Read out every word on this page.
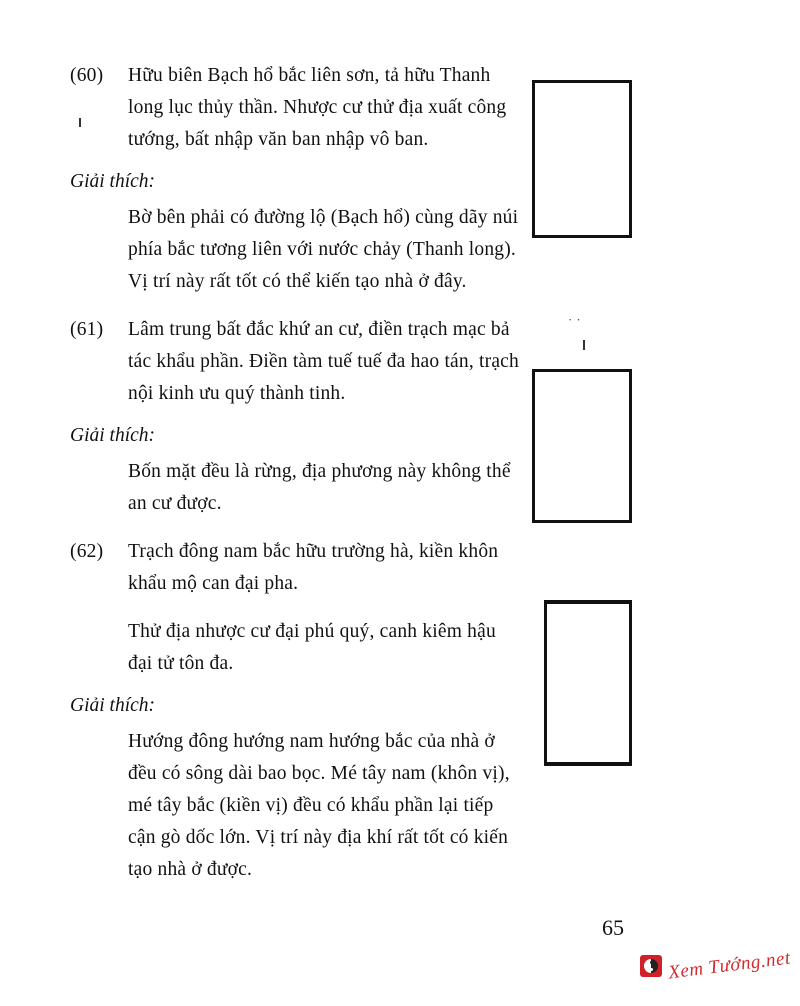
(60)	Hữu biên Bạch hổ bắc liên sơn, tả hữu Thanh long lục thủy thần. Nhược cư thử địa xuất công tướng, bất nhập văn ban nhập vô ban.
Giải thích:
Bờ bên phải có đường lộ (Bạch hổ) cùng dãy núi phía bắc tương liên với nước chảy (Thanh long). Vị trí này rất tốt có thể kiến tạo nhà ở đây.
(61)	Lâm trung bất đắc khứ an cư, điền trạch mạc bả tác khẩu phần. Điền tàm tuế tuế đa hao tán, trạch nội kinh ưu quý thành tinh.
Giải thích:
Bốn mặt đều là rừng, địa phương này không thể an cư được.
(62)	Trạch đông nam bắc hữu trường hà, kiền khôn khẩu mộ can đại pha.
Thử địa nhược cư đại phú quý, canh kiêm hậu đại tử tôn đa.
Giải thích:
Hướng đông hướng nam hướng bắc của nhà ở đều có sông dài bao bọc. Mé tây nam (khôn vị), mé tây bắc (kiền vị) đều có khẩu phần lại tiếp cận gò dốc lớn. Vị trí này địa khí rất tốt có kiến tạo nhà ở được.
··
65
Xem Tướng.net
